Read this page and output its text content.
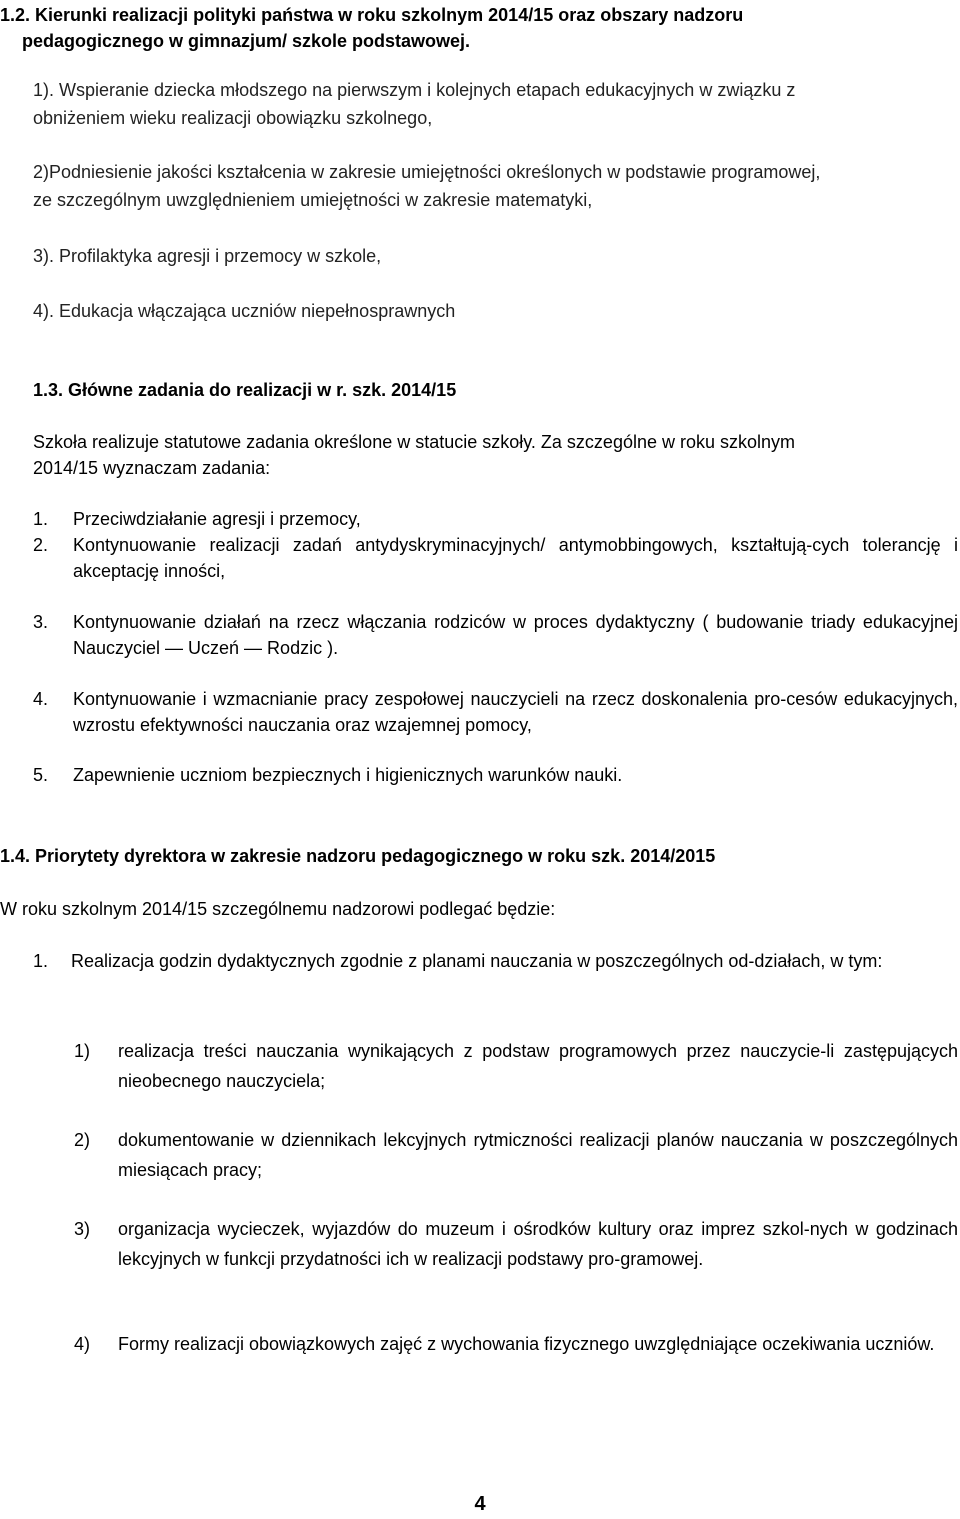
1.2. Kierunki realizacji polityki państwa w roku szkolnym 2014/15 oraz obszary nadzoru
pedagogicznego w gimnazjum/ szkole podstawowej.
1). Wspieranie dziecka młodszego na pierwszym i kolejnych etapach edukacyjnych w związku z
obniżeniem wieku realizacji obowiązku szkolnego,
2)Podniesienie jakości kształcenia w zakresie umiejętności określonych w podstawie programowej,
ze szczególnym uwzględnieniem umiejętności w zakresie matematyki,
3). Profilaktyka agresji i przemocy w szkole,
4). Edukacja włączająca uczniów niepełnosprawnych
1.3. Główne zadania do realizacji w r. szk. 2014/15
Szkoła realizuje statutowe zadania określone w statucie szkoły. Za szczególne w roku szkolnym
2014/15 wyznaczam zadania:
1.	Przeciwdziałanie agresji i przemocy,
2.	Kontynuowanie realizacji zadań antydyskryminacyjnych/ antymobbingowych, kształtują-cych tolerancję i akceptację inności,
3.	Kontynuowanie działań na rzecz włączania rodziców w proces dydaktyczny ( budowanie triady edukacyjnej Nauczyciel — Uczeń — Rodzic ).
4.	Kontynuowanie i wzmacnianie pracy zespołowej nauczycieli na rzecz doskonalenia pro-cesów edukacyjnych, wzrostu efektywności nauczania oraz wzajemnej pomocy,
5.	Zapewnienie uczniom bezpiecznych i higienicznych warunków nauki.
1.4. Priorytety dyrektora w zakresie nadzoru pedagogicznego w roku szk. 2014/2015
W roku szkolnym 2014/15 szczególnemu nadzorowi podlegać będzie:
1.	Realizacja godzin dydaktycznych zgodnie z planami nauczania w poszczególnych od-działach, w tym:
1)	realizacja treści nauczania wynikających z podstaw programowych przez nauczycie-li zastępujących nieobecnego nauczyciela;
2)	dokumentowanie w dziennikach lekcyjnych rytmiczności realizacji planów nauczania w poszczególnych miesiącach pracy;
3)	organizacja wycieczek, wyjazdów do muzeum i ośrodków kultury oraz imprez szkol-nych w godzinach lekcyjnych w funkcji przydatności ich w realizacji podstawy pro-gramowej.
4)	Formy realizacji obowiązkowych zajęć z wychowania fizycznego uwzględniające oczekiwania uczniów.
4
